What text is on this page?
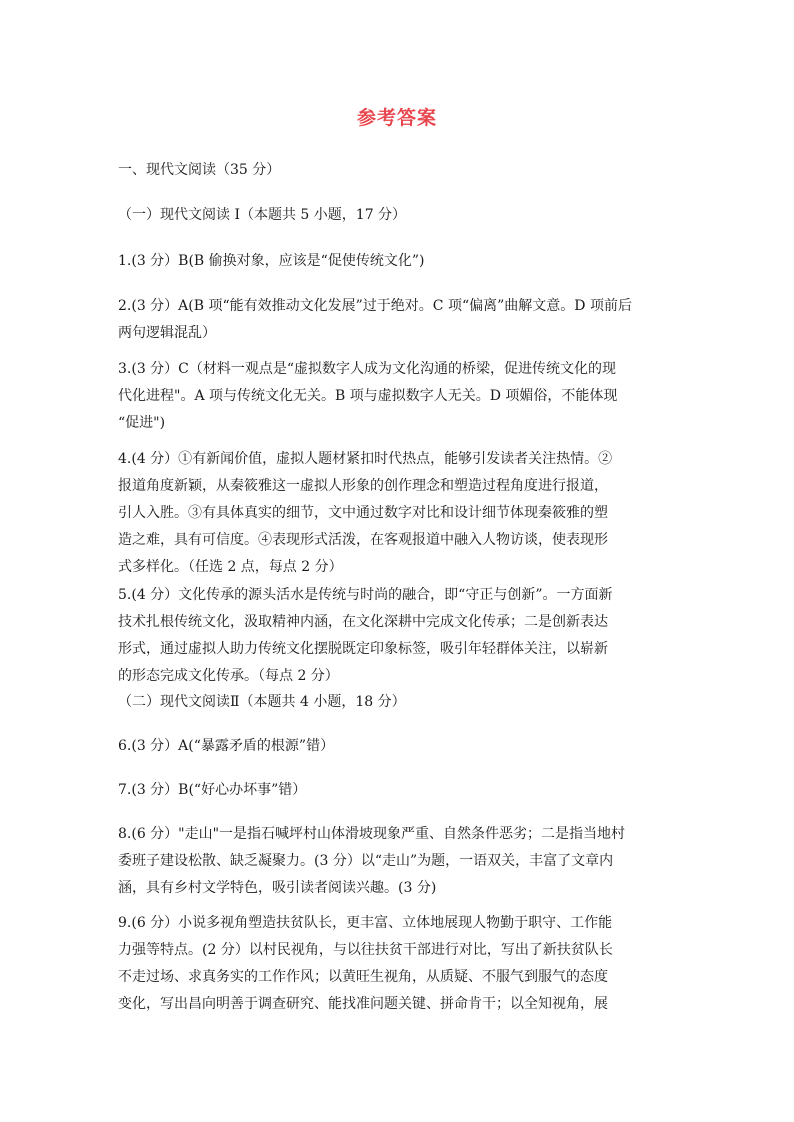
参考答案
一、现代文阅读（35 分）
（一）现代文阅读 I（本题共 5 小题，17 分）
1.(3 分）B(B 偷换对象，应该是“促使传统文化”)
2.(3 分）A(B 项“能有效推动文化发展”过于绝对。C 项“偏离”曲解文意。D 项前后
两句逻辑混乱）
3.(3 分）C（材料一观点是“虚拟数字人成为文化沟通的桥梁，促进传统文化的现
代化进程"。A 项与传统文化无关。B 项与虚拟数字人无关。D 项媚俗，不能体现
“促进")
4.(4 分）①有新闻价值，虚拟人题材紧扣时代热点，能够引发读者关注热情。②
报道角度新颖，从秦筱雅这一虚拟人形象的创作理念和塑造过程角度进行报道，
引人入胜。③有具体真实的细节，文中通过数字对比和设计细节体现秦筱雅的塑
造之难，具有可信度。④表现形式活泼，在客观报道中融入人物访谈，使表现形
式多样化。（任选 2 点，每点 2 分）
5.(4 分）文化传承的源头活水是传统与时尚的融合，即“守正与创新”。一方面新
技术扎根传统文化，汲取精神内涵，在文化深耕中完成文化传承；二是创新表达
形式，通过虚拟人助力传统文化摆脱既定印象标签，吸引年轻群体关注，以崭新
的形态完成文化传承。（每点 2 分）
（二）现代文阅读Ⅱ（本题共 4 小题，18 分）
6.(3 分）A(“暴露矛盾的根源”错）
7.(3 分）B(“好心办坏事”错）
8.(6 分）"走山"一是指石喊坪村山体滑坡现象严重、自然条件恶劣；二是指当地村
委班子建设松散、缺乏凝聚力。(3 分）以“走山”为题，一语双关，丰富了文章内
涵，具有乡村文学特色，吸引读者阅读兴趣。(3 分)
9.(6 分）小说多视角塑造扶贫队长，更丰富、立体地展现人物勤于职守、工作能
力强等特点。(2 分）以村民视角，与以往扶贫干部进行对比，写出了新扶贫队长
不走过场、求真务实的工作作风；以黄旺生视角，从质疑、不服气到服气的态度
变化，写出昌向明善于调查研究、能找准问题关键、拼命肯干；以全知视角，展
